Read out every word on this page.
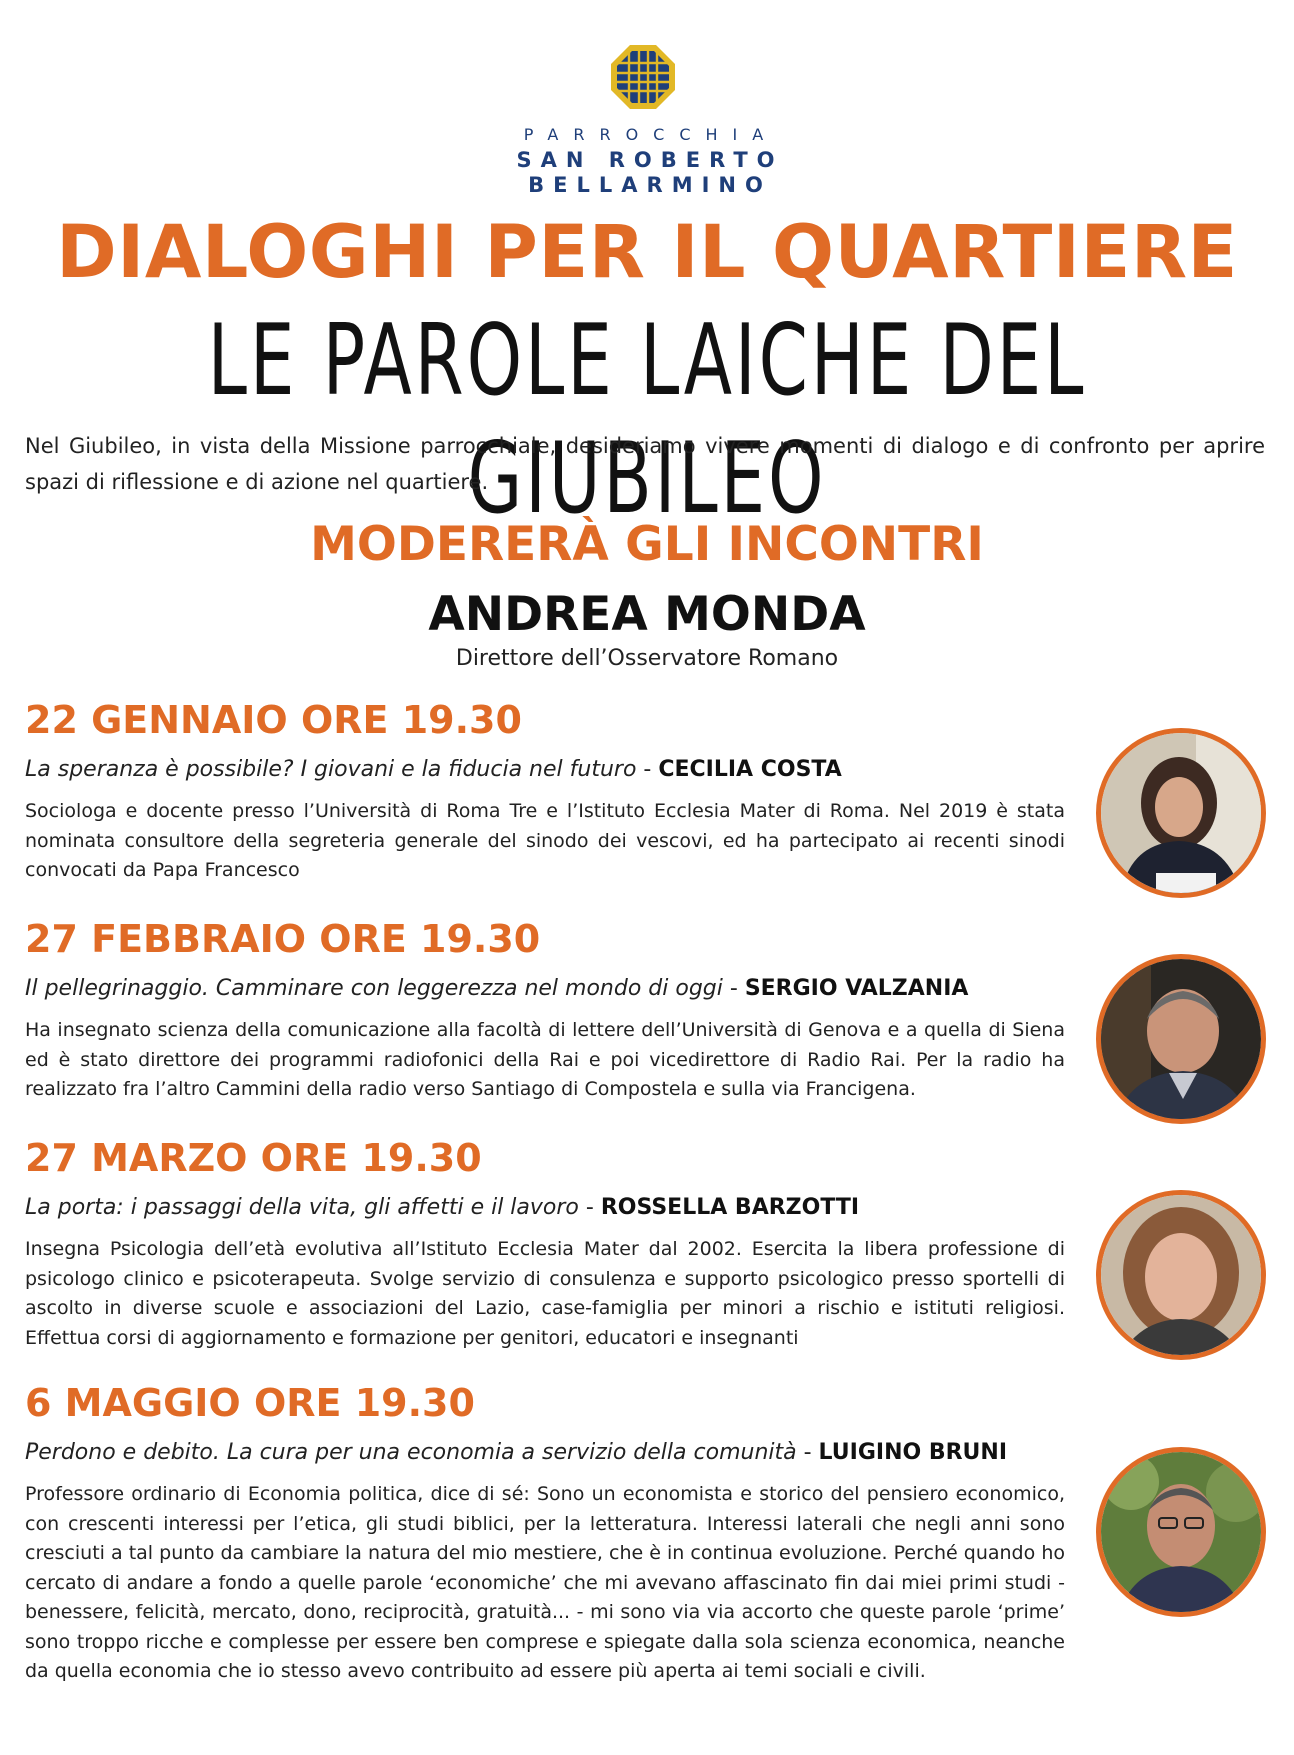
PARROCCHIA
SAN ROBERTO
BELLARMINO
DIALOGHI PER IL QUARTIERE
LE PAROLE LAICHE DEL GIUBILEO

Nel Giubileo, in vista della Missione parrocchiale, desideriamo vivere momenti di dialogo e di confronto per aprire spazi di riflessione e di azione nel quartiere.

MODERERÀ GLI INCONTRI
ANDREA MONDA
Direttore dell’Osservatore Romano
22 GENNAIO ORE 19.30
La speranza è possibile? I giovani e la fiducia nel futuro - CECILIA COSTA
Sociologa e docente presso l’Università di Roma Tre e l’Istituto Ecclesia Mater di Roma. Nel 2019 è stata nominata consultore della segreteria generale del sinodo dei vescovi, ed ha partecipato ai recenti sinodi convocati da Papa Francesco
27 FEBBRAIO ORE 19.30
Il pellegrinaggio. Camminare con leggerezza nel mondo di oggi - SERGIO VALZANIA
Ha insegnato scienza della comunicazione alla facoltà di lettere dell’Università di Genova e a quella di Siena ed è stato direttore dei programmi radiofonici della Rai e poi vicedirettore di Radio Rai. Per la radio ha realizzato fra l’altro Cammini della radio verso Santiago di Compostela e sulla via Francigena.
27 MARZO ORE 19.30
La porta: i passaggi della vita, gli affetti e il lavoro - ROSSELLA BARZOTTI
Insegna Psicologia dell’età evolutiva all’Istituto Ecclesia Mater dal 2002. Esercita la libera professione di psicologo clinico e psicoterapeuta. Svolge servizio di consulenza e supporto psicologico presso sportelli di ascolto in diverse scuole e associazioni del Lazio, case-famiglia per minori a rischio e istituti religiosi. Effettua corsi di aggiornamento e formazione per genitori, educatori e insegnanti
6 MAGGIO ORE 19.30
Perdono e debito. La cura per una economia a servizio della comunità - LUIGINO BRUNI
Professore ordinario di Economia politica, dice di sé: Sono un economista e storico del pensiero economico, con crescenti interessi per l’etica, gli studi biblici, per la letteratura. Interessi laterali che negli anni sono cresciuti a tal punto da cambiare la natura del mio mestiere, che è in continua evoluzione. Perché quando ho cercato di andare a fondo a quelle parole ‘economiche’ che mi avevano affascinato fin dai miei primi studi - benessere, felicità, mercato, dono, reciprocità, gratuità... - mi sono via via accorto che queste parole ‘prime’ sono troppo ricche e complesse per essere ben comprese e spiegate dalla sola scienza economica, neanche da quella economia che io stesso avevo contribuito ad essere più aperta ai temi sociali e civili.
